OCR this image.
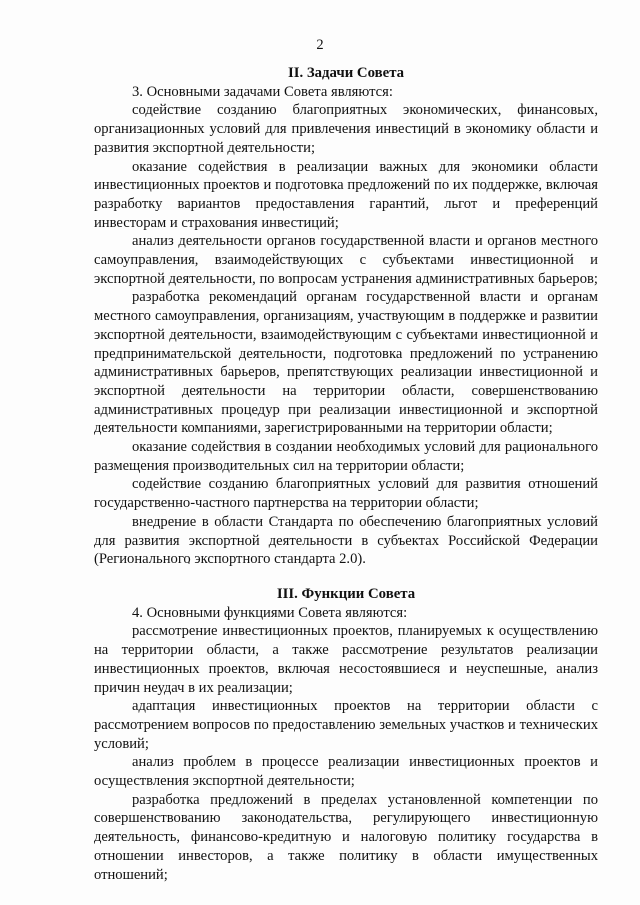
2
II. Задачи Совета

3. Основными задачами Совета являются:

содействие созданию благоприятных экономических, финансовых, организационных условий для привлечения инвестиций в экономику области и развития экспортной деятельности;

оказание содействия в реализации важных для экономики области инвестиционных проектов и подготовка предложений по их поддержке, включая разработку вариантов предоставления гарантий, льгот и преференций инвесторам и страхования инвестиций;

анализ деятельности органов государственной власти и органов местного самоуправления, взаимодействующих с субъектами инвестиционной и экспортной деятельности, по вопросам устранения административных барьеров;

разработка рекомендаций органам государственной власти и органам местного самоуправления, организациям, участвующим в поддержке и развитии экспортной деятельности, взаимодействующим с субъектами инвестиционной и предпринимательской деятельности, подготовка предложений по устранению административных барьеров, препятствующих реализации инвестиционной и экспортной деятельности на территории области, совершенствованию административных процедур при реализации инвестиционной и экспортной деятельности компаниями, зарегистрированными на территории области;

оказание содействия в создании необходимых условий для рационального размещения производительных сил на территории области;

содействие созданию благоприятных условий для развития отношений государственно-частного партнерства на территории области;

внедрение в области Стандарта по обеспечению благоприятных условий для развития экспортной деятельности в субъектах Российской Федерации (Регионального экспортного стандарта 2.0).

III. Функции Совета

4. Основными функциями Совета являются:

рассмотрение инвестиционных проектов, планируемых к осуществлению на территории области, а также рассмотрение результатов реализации инвестиционных проектов, включая несостоявшиеся и неуспешные, анализ причин неудач в их реализации;

адаптация инвестиционных проектов на территории области с рассмотрением вопросов по предоставлению земельных участков и технических условий;

анализ проблем в процессе реализации инвестиционных проектов и осуществления экспортной деятельности;

разработка предложений в пределах установленной компетенции по совершенствованию законодательства, регулирующего инвестиционную деятельность, финансово-кредитную и налоговую политику государства в отношении инвесторов, а также политику в области имущественных отношений;
